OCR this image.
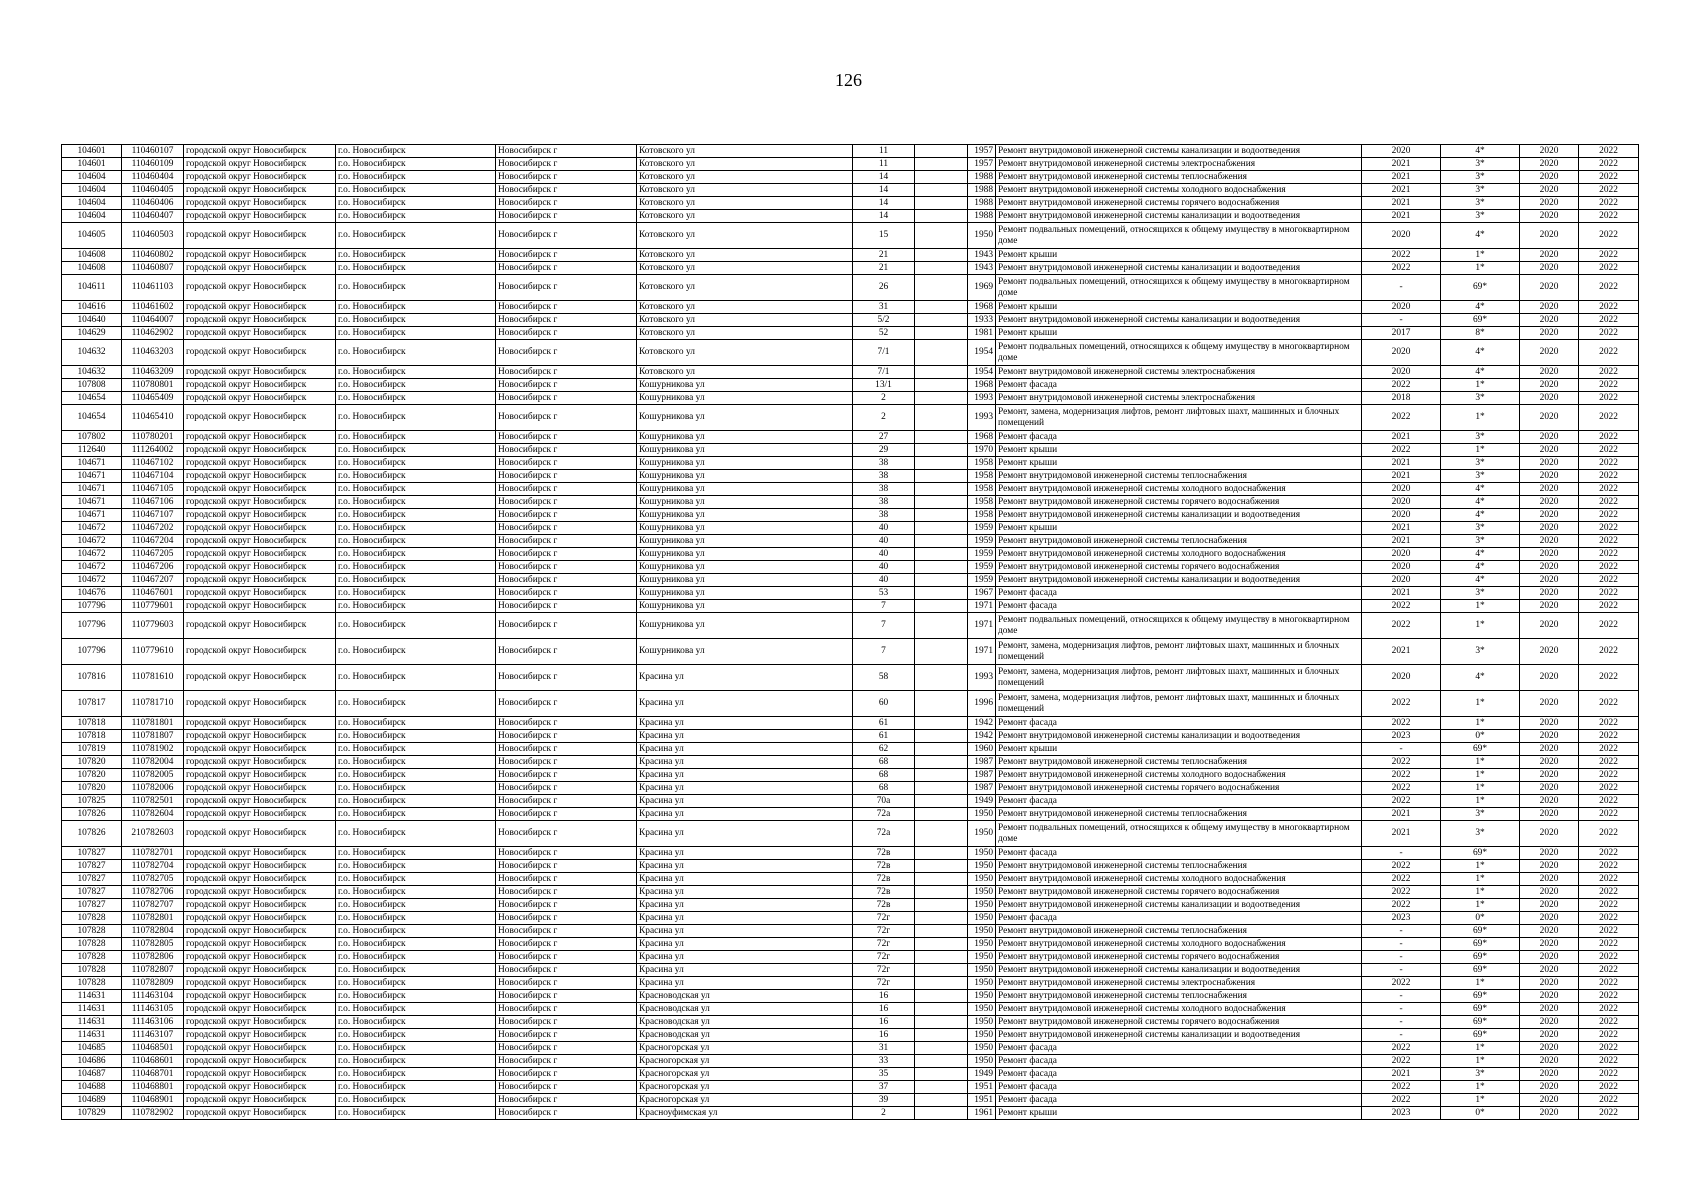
126
104601	110460107	городской округ Новосибирск	г.о. Новосибирск	Новосибирск г	Котовского ул	11		1957	Ремонт внутридомовой инженерной системы канализации и водоотведения	2020	4*	2020	2022
104601	110460109	городской округ Новосибирск	г.о. Новосибирск	Новосибирск г	Котовского ул	11		1957	Ремонт внутридомовой инженерной системы электроснабжения	2021	3*	2020	2022
104604	110460404	городской округ Новосибирск	г.о. Новосибирск	Новосибирск г	Котовского ул	14		1988	Ремонт внутридомовой инженерной системы теплоснабжения	2021	3*	2020	2022
104604	110460405	городской округ Новосибирск	г.о. Новосибирск	Новосибирск г	Котовского ул	14		1988	Ремонт внутридомовой инженерной системы холодного водоснабжения	2021	3*	2020	2022
104604	110460406	городской округ Новосибирск	г.о. Новосибирск	Новосибирск г	Котовского ул	14		1988	Ремонт внутридомовой инженерной системы горячего водоснабжения	2021	3*	2020	2022
104604	110460407	городской округ Новосибирск	г.о. Новосибирск	Новосибирск г	Котовского ул	14		1988	Ремонт внутридомовой инженерной системы канализации и водоотведения	2021	3*	2020	2022
104605	110460503	городской округ Новосибирск	г.о. Новосибирск	Новосибирск г	Котовского ул	15		1950	Ремонт подвальных помещений, относящихся к общему имуществу в многоквартирном доме	2020	4*	2020	2022
104608	110460802	городской округ Новосибирск	г.о. Новосибирск	Новосибирск г	Котовского ул	21		1943	Ремонт крыши	2022	1*	2020	2022
104608	110460807	городской округ Новосибирск	г.о. Новосибирск	Новосибирск г	Котовского ул	21		1943	Ремонт внутридомовой инженерной системы канализации и водоотведения	2022	1*	2020	2022
104611	110461103	городской округ Новосибирск	г.о. Новосибирск	Новосибирск г	Котовского ул	26		1969	Ремонт подвальных помещений, относящихся к общему имуществу в многоквартирном доме	-	69*	2020	2022
104616	110461602	городской округ Новосибирск	г.о. Новосибирск	Новосибирск г	Котовского ул	31		1968	Ремонт крыши	2020	4*	2020	2022
104640	110464007	городской округ Новосибирск	г.о. Новосибирск	Новосибирск г	Котовского ул	5/2		1933	Ремонт внутридомовой инженерной системы канализации и водоотведения	-	69*	2020	2022
104629	110462902	городской округ Новосибирск	г.о. Новосибирск	Новосибирск г	Котовского ул	52		1981	Ремонт крыши	2017	8*	2020	2022
104632	110463203	городской округ Новосибирск	г.о. Новосибирск	Новосибирск г	Котовского ул	7/1		1954	Ремонт подвальных помещений, относящихся к общему имуществу в многоквартирном доме	2020	4*	2020	2022
104632	110463209	городской округ Новосибирск	г.о. Новосибирск	Новосибирск г	Котовского ул	7/1		1954	Ремонт внутридомовой инженерной системы электроснабжения	2020	4*	2020	2022
107808	110780801	городской округ Новосибирск	г.о. Новосибирск	Новосибирск г	Кошурникова ул	13/1		1968	Ремонт фасада	2022	1*	2020	2022
104654	110465409	городской округ Новосибирск	г.о. Новосибирск	Новосибирск г	Кошурникова ул	2		1993	Ремонт внутридомовой инженерной системы электроснабжения	2018	3*	2020	2022
104654	110465410	городской округ Новосибирск	г.о. Новосибирск	Новосибирск г	Кошурникова ул	2		1993	Ремонт, замена, модернизация лифтов, ремонт лифтовых шахт, машинных и блочных помещений	2022	1*	2020	2022
107802	110780201	городской округ Новосибирск	г.о. Новосибирск	Новосибирск г	Кошурникова ул	27		1968	Ремонт фасада	2021	3*	2020	2022
112640	111264002	городской округ Новосибирск	г.о. Новосибирск	Новосибирск г	Кошурникова ул	29		1970	Ремонт крыши	2022	1*	2020	2022
104671	110467102	городской округ Новосибирск	г.о. Новосибирск	Новосибирск г	Кошурникова ул	38		1958	Ремонт крыши	2021	3*	2020	2022
104671	110467104	городской округ Новосибирск	г.о. Новосибирск	Новосибирск г	Кошурникова ул	38		1958	Ремонт внутридомовой инженерной системы теплоснабжения	2021	3*	2020	2022
104671	110467105	городской округ Новосибирск	г.о. Новосибирск	Новосибирск г	Кошурникова ул	38		1958	Ремонт внутридомовой инженерной системы холодного водоснабжения	2020	4*	2020	2022
104671	110467106	городской округ Новосибирск	г.о. Новосибирск	Новосибирск г	Кошурникова ул	38		1958	Ремонт внутридомовой инженерной системы горячего водоснабжения	2020	4*	2020	2022
104671	110467107	городской округ Новосибирск	г.о. Новосибирск	Новосибирск г	Кошурникова ул	38		1958	Ремонт внутридомовой инженерной системы канализации и водоотведения	2020	4*	2020	2022
104672	110467202	городской округ Новосибирск	г.о. Новосибирск	Новосибирск г	Кошурникова ул	40		1959	Ремонт крыши	2021	3*	2020	2022
104672	110467204	городской округ Новосибирск	г.о. Новосибирск	Новосибирск г	Кошурникова ул	40		1959	Ремонт внутридомовой инженерной системы теплоснабжения	2021	3*	2020	2022
104672	110467205	городской округ Новосибирск	г.о. Новосибирск	Новосибирск г	Кошурникова ул	40		1959	Ремонт внутридомовой инженерной системы холодного водоснабжения	2020	4*	2020	2022
104672	110467206	городской округ Новосибирск	г.о. Новосибирск	Новосибирск г	Кошурникова ул	40		1959	Ремонт внутридомовой инженерной системы горячего водоснабжения	2020	4*	2020	2022
104672	110467207	городской округ Новосибирск	г.о. Новосибирск	Новосибирск г	Кошурникова ул	40		1959	Ремонт внутридомовой инженерной системы канализации и водоотведения	2020	4*	2020	2022
104676	110467601	городской округ Новосибирск	г.о. Новосибирск	Новосибирск г	Кошурникова ул	53		1967	Ремонт фасада	2021	3*	2020	2022
107796	110779601	городской округ Новосибирск	г.о. Новосибирск	Новосибирск г	Кошурникова ул	7		1971	Ремонт фасада	2022	1*	2020	2022
107796	110779603	городской округ Новосибирск	г.о. Новосибирск	Новосибирск г	Кошурникова ул	7		1971	Ремонт подвальных помещений, относящихся к общему имуществу в многоквартирном доме	2022	1*	2020	2022
107796	110779610	городской округ Новосибирск	г.о. Новосибирск	Новосибирск г	Кошурникова ул	7		1971	Ремонт, замена, модернизация лифтов, ремонт лифтовых шахт, машинных и блочных помещений	2021	3*	2020	2022
107816	110781610	городской округ Новосибирск	г.о. Новосибирск	Новосибирск г	Красина ул	58		1993	Ремонт, замена, модернизация лифтов, ремонт лифтовых шахт, машинных и блочных помещений	2020	4*	2020	2022
107817	110781710	городской округ Новосибирск	г.о. Новосибирск	Новосибирск г	Красина ул	60		1996	Ремонт, замена, модернизация лифтов, ремонт лифтовых шахт, машинных и блочных помещений	2022	1*	2020	2022
107818	110781801	городской округ Новосибирск	г.о. Новосибирск	Новосибирск г	Красина ул	61		1942	Ремонт фасада	2022	1*	2020	2022
107818	110781807	городской округ Новосибирск	г.о. Новосибирск	Новосибирск г	Красина ул	61		1942	Ремонт внутридомовой инженерной системы канализации и водоотведения	2023	0*	2020	2022
107819	110781902	городской округ Новосибирск	г.о. Новосибирск	Новосибирск г	Красина ул	62		1960	Ремонт крыши	-	69*	2020	2022
107820	110782004	городской округ Новосибирск	г.о. Новосибирск	Новосибирск г	Красина ул	68		1987	Ремонт внутридомовой инженерной системы теплоснабжения	2022	1*	2020	2022
107820	110782005	городской округ Новосибирск	г.о. Новосибирск	Новосибирск г	Красина ул	68		1987	Ремонт внутридомовой инженерной системы холодного водоснабжения	2022	1*	2020	2022
107820	110782006	городской округ Новосибирск	г.о. Новосибирск	Новосибирск г	Красина ул	68		1987	Ремонт внутридомовой инженерной системы горячего водоснабжения	2022	1*	2020	2022
107825	110782501	городской округ Новосибирск	г.о. Новосибирск	Новосибирск г	Красина ул	70а		1949	Ремонт фасада	2022	1*	2020	2022
107826	110782604	городской округ Новосибирск	г.о. Новосибирск	Новосибирск г	Красина ул	72а		1950	Ремонт внутридомовой инженерной системы теплоснабжения	2021	3*	2020	2022
107826	210782603	городской округ Новосибирск	г.о. Новосибирск	Новосибирск г	Красина ул	72а		1950	Ремонт подвальных помещений, относящихся к общему имуществу в многоквартирном доме	2021	3*	2020	2022
107827	110782701	городской округ Новосибирск	г.о. Новосибирск	Новосибирск г	Красина ул	72в		1950	Ремонт фасада	-	69*	2020	2022
107827	110782704	городской округ Новосибирск	г.о. Новосибирск	Новосибирск г	Красина ул	72в		1950	Ремонт внутридомовой инженерной системы теплоснабжения	2022	1*	2020	2022
107827	110782705	городской округ Новосибирск	г.о. Новосибирск	Новосибирск г	Красина ул	72в		1950	Ремонт внутридомовой инженерной системы холодного водоснабжения	2022	1*	2020	2022
107827	110782706	городской округ Новосибирск	г.о. Новосибирск	Новосибирск г	Красина ул	72в		1950	Ремонт внутридомовой инженерной системы горячего водоснабжения	2022	1*	2020	2022
107827	110782707	городской округ Новосибирск	г.о. Новосибирск	Новосибирск г	Красина ул	72в		1950	Ремонт внутридомовой инженерной системы канализации и водоотведения	2022	1*	2020	2022
107828	110782801	городской округ Новосибирск	г.о. Новосибирск	Новосибирск г	Красина ул	72г		1950	Ремонт фасада	2023	0*	2020	2022
107828	110782804	городской округ Новосибирск	г.о. Новосибирск	Новосибирск г	Красина ул	72г		1950	Ремонт внутридомовой инженерной системы теплоснабжения	-	69*	2020	2022
107828	110782805	городской округ Новосибирск	г.о. Новосибирск	Новосибирск г	Красина ул	72г		1950	Ремонт внутридомовой инженерной системы холодного водоснабжения	-	69*	2020	2022
107828	110782806	городской округ Новосибирск	г.о. Новосибирск	Новосибирск г	Красина ул	72г		1950	Ремонт внутридомовой инженерной системы горячего водоснабжения	-	69*	2020	2022
107828	110782807	городской округ Новосибирск	г.о. Новосибирск	Новосибирск г	Красина ул	72г		1950	Ремонт внутридомовой инженерной системы канализации и водоотведения	-	69*	2020	2022
107828	110782809	городской округ Новосибирск	г.о. Новосибирск	Новосибирск г	Красина ул	72г		1950	Ремонт внутридомовой инженерной системы электроснабжения	2022	1*	2020	2022
114631	111463104	городской округ Новосибирск	г.о. Новосибирск	Новосибирск г	Красноводская ул	16		1950	Ремонт внутридомовой инженерной системы теплоснабжения	-	69*	2020	2022
114631	111463105	городской округ Новосибирск	г.о. Новосибирск	Новосибирск г	Красноводская ул	16		1950	Ремонт внутридомовой инженерной системы холодного водоснабжения	-	69*	2020	2022
114631	111463106	городской округ Новосибирск	г.о. Новосибирск	Новосибирск г	Красноводская ул	16		1950	Ремонт внутридомовой инженерной системы горячего водоснабжения	-	69*	2020	2022
114631	111463107	городской округ Новосибирск	г.о. Новосибирск	Новосибирск г	Красноводская ул	16		1950	Ремонт внутридомовой инженерной системы канализации и водоотведения	-	69*	2020	2022
104685	110468501	городской округ Новосибирск	г.о. Новосибирск	Новосибирск г	Красногорская ул	31		1950	Ремонт фасада	2022	1*	2020	2022
104686	110468601	городской округ Новосибирск	г.о. Новосибирск	Новосибирск г	Красногорская ул	33		1950	Ремонт фасада	2022	1*	2020	2022
104687	110468701	городской округ Новосибирск	г.о. Новосибирск	Новосибирск г	Красногорская ул	35		1949	Ремонт фасада	2021	3*	2020	2022
104688	110468801	городской округ Новосибирск	г.о. Новосибирск	Новосибирск г	Красногорская ул	37		1951	Ремонт фасада	2022	1*	2020	2022
104689	110468901	городской округ Новосибирск	г.о. Новосибирск	Новосибирск г	Красногорская ул	39		1951	Ремонт фасада	2022	1*	2020	2022
107829	110782902	городской округ Новосибирск	г.о. Новосибирск	Новосибирск г	Красноуфимская ул	2		1961	Ремонт крыши	2023	0*	2020	2022
